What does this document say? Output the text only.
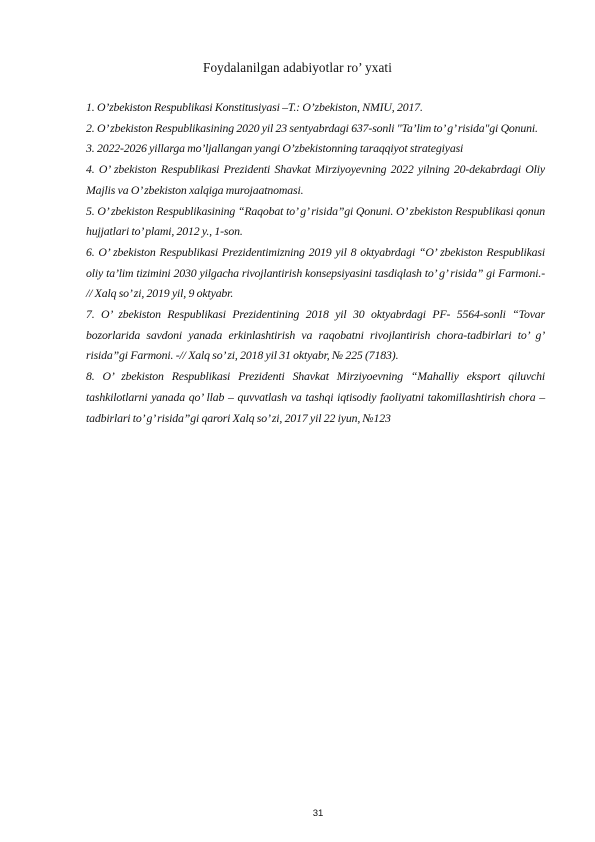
Foydalanilgan adabiyotlar ro’ yxati

1. O’zbekiston Respublikasi Konstitusiyasi –T.: O’zbekiston, NMIU, 2017.

2. O’ zbekiston Respublikasining 2020 yil 23 sentyabrdagi 637-sonli "Ta’lim to’ g’ risida"gi Qonuni.

3. 2022-2026 yillarga mo’ljallangan yangi O’zbekistonning taraqqiyot strategiyasi

4. O’ zbekiston Respublikasi Prezidenti Shavkat Mirziyoyevning 2022 yilning 20-dekabrdagi Oliy Majlis va O’ zbekiston xalqiga murojaatnomasi.

5. O’ zbekiston Respublikasining “Raqobat to’ g’ risida”gi Qonuni. O’ zbekiston Respublikasi qonun hujjatlari to’ plami, 2012 y., 1-son.

6. O’ zbekiston Respublikasi Prezidentimizning 2019 yil 8 oktyabrdagi “O’ zbekiston Respublikasi oliy ta’lim tizimini 2030 yilgacha rivojlantirish konsepsiyasini tasdiqlash to’ g’ risida” gi Farmoni.- // Xalq so’ zi, 2019 yil, 9 oktyabr.

7. O’ zbekiston Respublikasi Prezidentining 2018 yil 30 oktyabrdagi PF- 5564-sonli “Tovar bozorlarida savdoni yanada erkinlashtirish va raqobatni rivojlantirish chora-tadbirlari to’ g’ risida”gi Farmoni. -// Xalq so’ zi, 2018 yil 31 oktyabr, № 225 (7183).

8. O’ zbekiston Respublikasi Prezidenti Shavkat Mirziyoevning “Mahalliy eksport qiluvchi tashkilotlarni yanada qo’ llab – quvvatlash va tashqi iqtisodiy faoliyatni takomillashtirish chora – tadbirlari to’ g’ risida”gi qarori Xalq so’ zi, 2017 yil 22 iyun, №123

31
